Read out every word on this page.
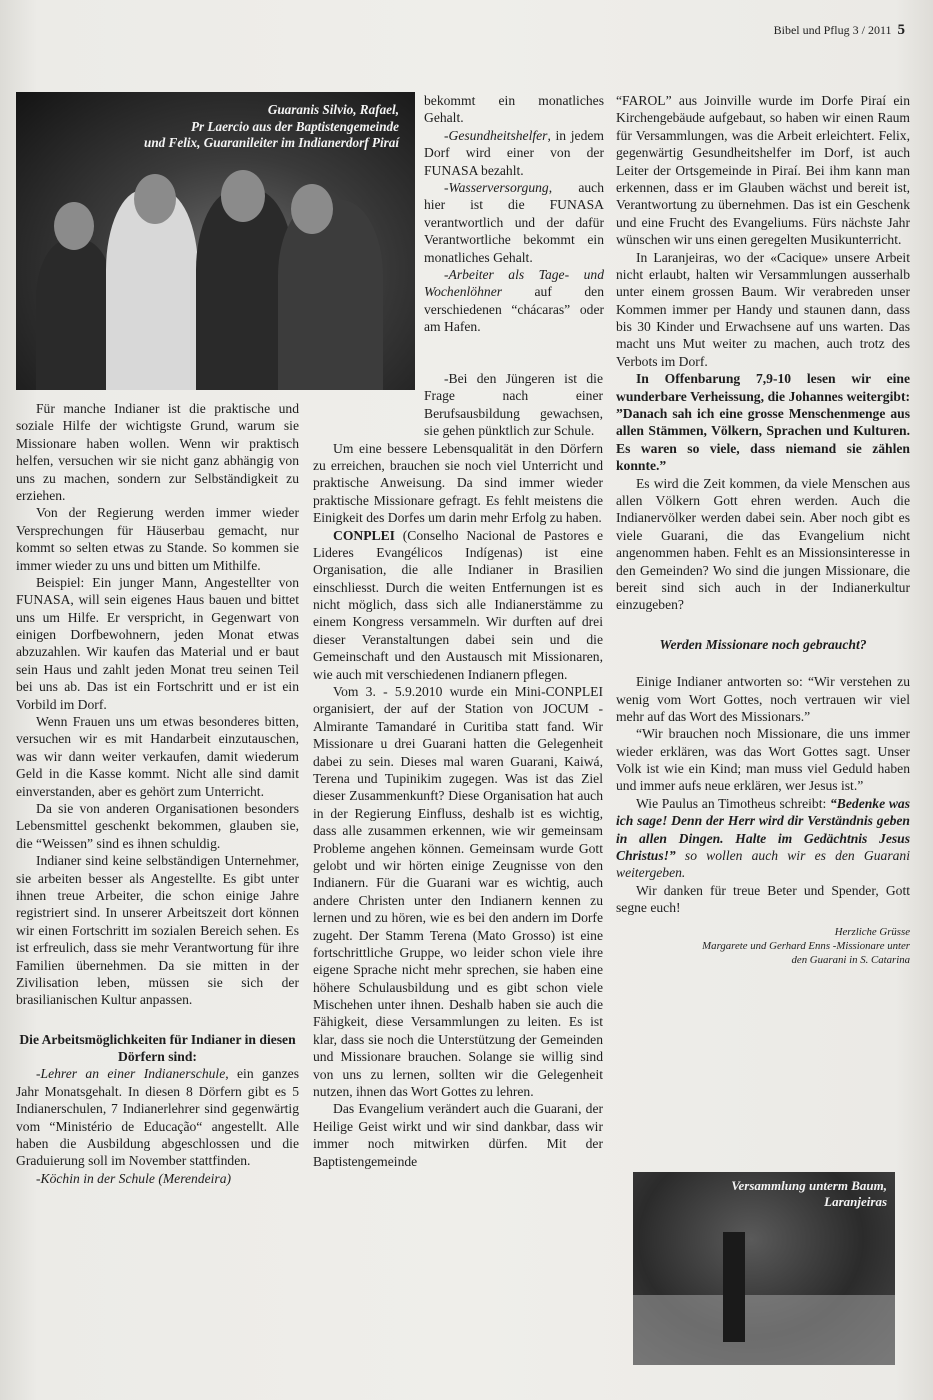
Bibel und Pflug 3 / 2011 5
Guaranis Silvio, Rafael,
Pr Laercio aus der Baptistengemeinde
und Felix, Guaranileiter im Indianerdorf Piraí

Für manche Indianer ist die praktische und soziale Hilfe der wichtigste Grund, warum sie Missionare haben wollen. Wenn wir praktisch helfen, versuchen wir sie nicht ganz abhängig von uns zu machen, sondern zur Selbständigkeit zu erziehen.

Von der Regierung werden immer wieder Versprechungen für Häuserbau gemacht, nur kommt so selten etwas zu Stande. So kommen sie immer wieder zu uns und bitten um Mithilfe.

Beispiel: Ein junger Mann, Angestellter von FUNASA, will sein eigenes Haus bauen und bittet uns um Hilfe. Er verspricht, in Gegenwart von einigen Dorfbewohnern, jeden Monat etwas abzuzahlen. Wir kaufen das Material und er baut sein Haus und zahlt jeden Monat treu seinen Teil bei uns ab. Das ist ein Fortschritt und er ist ein Vorbild im Dorf.

Wenn Frauen uns um etwas besonderes bitten, versuchen wir es mit Handarbeit einzutauschen, was wir dann weiter verkaufen, damit wiederum Geld in die Kasse kommt. Nicht alle sind damit einverstanden, aber es gehört zum Unterricht.

Da sie von anderen Organisationen besonders Lebensmittel geschenkt bekommen, glauben sie, die “Weissen” sind es ihnen schuldig.

Indianer sind keine selbständigen Unternehmer, sie arbeiten besser als Angestellte. Es gibt unter ihnen treue Arbeiter, die schon einige Jahre registriert sind. In unserer Arbeitszeit dort können wir einen Fortschritt im sozialen Bereich sehen. Es ist erfreulich, dass sie mehr Verantwortung für ihre Familien übernehmen. Da sie mitten in der Zivilisation leben, müssen sie sich der brasilianischen Kultur anpassen.

Die Arbeitsmöglichkeiten für Indianer in diesen Dörfern sind:

-Lehrer an einer Indianerschule, ein ganzes Jahr Monatsgehalt. In diesen 8 Dörfern gibt es 5 Indianerschulen, 7 Indianerlehrer sind gegenwärtig vom “Ministério de Educação“ angestellt. Alle haben die Ausbildung abgeschlossen und die Graduierung soll im November stattfinden.

-Köchin in der Schule (Merendeira)

bekommt ein monatliches Gehalt.

-Gesundheitshelfer, in jedem Dorf wird einer von der FUNASA bezahlt.

-Wasserversorgung, auch hier ist die FUNASA verantwortlich und der dafür Verantwortliche bekommt ein monatliches Gehalt.

-Arbeiter als Tage- und Wochenlöhner auf den verschiedenen “chácaras” oder am Hafen.

-Bei den Jüngeren ist die Frage nach einer Berufsausbildung gewachsen, sie gehen pünktlich zur Schule.

Um eine bessere Lebensqualität in den Dörfern zu erreichen, brauchen sie noch viel Unterricht und praktische Anweisung. Da sind immer wieder praktische Missionare gefragt. Es fehlt meistens die Einigkeit des Dorfes um darin mehr Erfolg zu haben.

CONPLEI (Conselho Nacional de Pastores e Lideres Evangélicos Indígenas) ist eine Organisation, die alle Indianer in Brasilien einschliesst. Durch die weiten Entfernungen ist es nicht möglich, dass sich alle Indianerstämme zu einem Kongress versammeln. Wir durften auf drei dieser Veranstaltungen dabei sein und die Gemeinschaft und den Austausch mit Missionaren, wie auch mit verschiedenen Indianern pflegen.

Vom 3. - 5.9.2010 wurde ein Mini-CONPLEI organisiert, der auf der Station von JOCUM - Almirante Tamandaré in Curitiba statt fand. Wir Missionare u drei Guarani hatten die Gelegenheit dabei zu sein. Dieses mal waren Guarani, Kaiwá, Terena und Tupinikim zugegen. Was ist das Ziel dieser Zusammenkunft? Diese Organisation hat auch in der Regierung Einfluss, deshalb ist es wichtig, dass alle zusammen erkennen, wie wir gemeinsam Probleme angehen können. Gemeinsam wurde Gott gelobt und wir hörten einige Zeugnisse von den Indianern. Für die Guarani war es wichtig, auch andere Christen unter den Indianern kennen zu lernen und zu hören, wie es bei den andern im Dorfe zugeht. Der Stamm Terena (Mato Grosso) ist eine fortschrittliche Gruppe, wo leider schon viele ihre eigene Sprache nicht mehr sprechen, sie haben eine höhere Schulausbildung und es gibt schon viele Mischehen unter ihnen. Deshalb haben sie auch die Fähigkeit, diese Versammlungen zu leiten. Es ist klar, dass sie noch die Unterstützung der Gemeinden und Missionare brauchen. Solange sie willig sind von uns zu lernen, sollten wir die Gelegenheit nutzen, ihnen das Wort Gottes zu lehren.

Das Evangelium verändert auch die Guarani, der Heilige Geist wirkt und wir sind dankbar, dass wir immer noch mitwirken dürfen. Mit der Baptistengemeinde

“FAROL” aus Joinville wurde im Dorfe Piraí ein Kirchengebäude aufgebaut, so haben wir einen Raum für Versammlungen, was die Arbeit erleichtert. Felix, gegenwärtig Gesundheitshelfer im Dorf, ist auch Leiter der Ortsgemeinde in Piraí. Bei ihm kann man erkennen, dass er im Glauben wächst und bereit ist, Verantwortung zu übernehmen. Das ist ein Geschenk und eine Frucht des Evangeliums. Fürs nächste Jahr wünschen wir uns einen geregelten Musikunterricht.

In Laranjeiras, wo der «Cacique» unsere Arbeit nicht erlaubt, halten wir Versammlungen ausserhalb unter einem grossen Baum. Wir verabreden unser Kommen immer per Handy und staunen dann, dass bis 30 Kinder und Erwachsene auf uns warten. Das macht uns Mut weiter zu machen, auch trotz des Verbots im Dorf.

In Offenbarung 7,9-10 lesen wir eine wunderbare Verheissung, die Johannes weitergibt: ”Danach sah ich eine grosse Menschenmenge aus allen Stämmen, Völkern, Sprachen und Kulturen. Es waren so viele, dass niemand sie zählen konnte.”

Es wird die Zeit kommen, da viele Menschen aus allen Völkern Gott ehren werden. Auch die Indianervölker werden dabei sein. Aber noch gibt es viele Guarani, die das Evangelium nicht angenommen haben. Fehlt es an Missionsinteresse in den Gemeinden? Wo sind die jungen Missionare, die bereit sind sich auch in der Indianerkultur einzugeben?

Werden Missionare noch gebraucht?

Einige Indianer antworten so: “Wir verstehen zu wenig vom Wort Gottes, noch vertrauen wir viel mehr auf das Wort des Missionars.”

“Wir brauchen noch Missionare, die uns immer wieder erklären, was das Wort Gottes sagt. Unser Volk ist wie ein Kind; man muss viel Geduld haben und immer aufs neue erklären, wer Jesus ist.”

Wie Paulus an Timotheus schreibt: “Bedenke was ich sage! Denn der Herr wird dir Verständnis geben in allen Dingen. Halte im Gedächtnis Jesus Christus!” so wollen auch wir es den Guarani weitergeben.

Wir danken für treue Beter und Spender, Gott segne euch!

Herzliche Grüsse
Margarete und Gerhard Enns -Missionare unter
den Guarani in S. Catarina
Versammlung unterm Baum,
Laranjeiras
